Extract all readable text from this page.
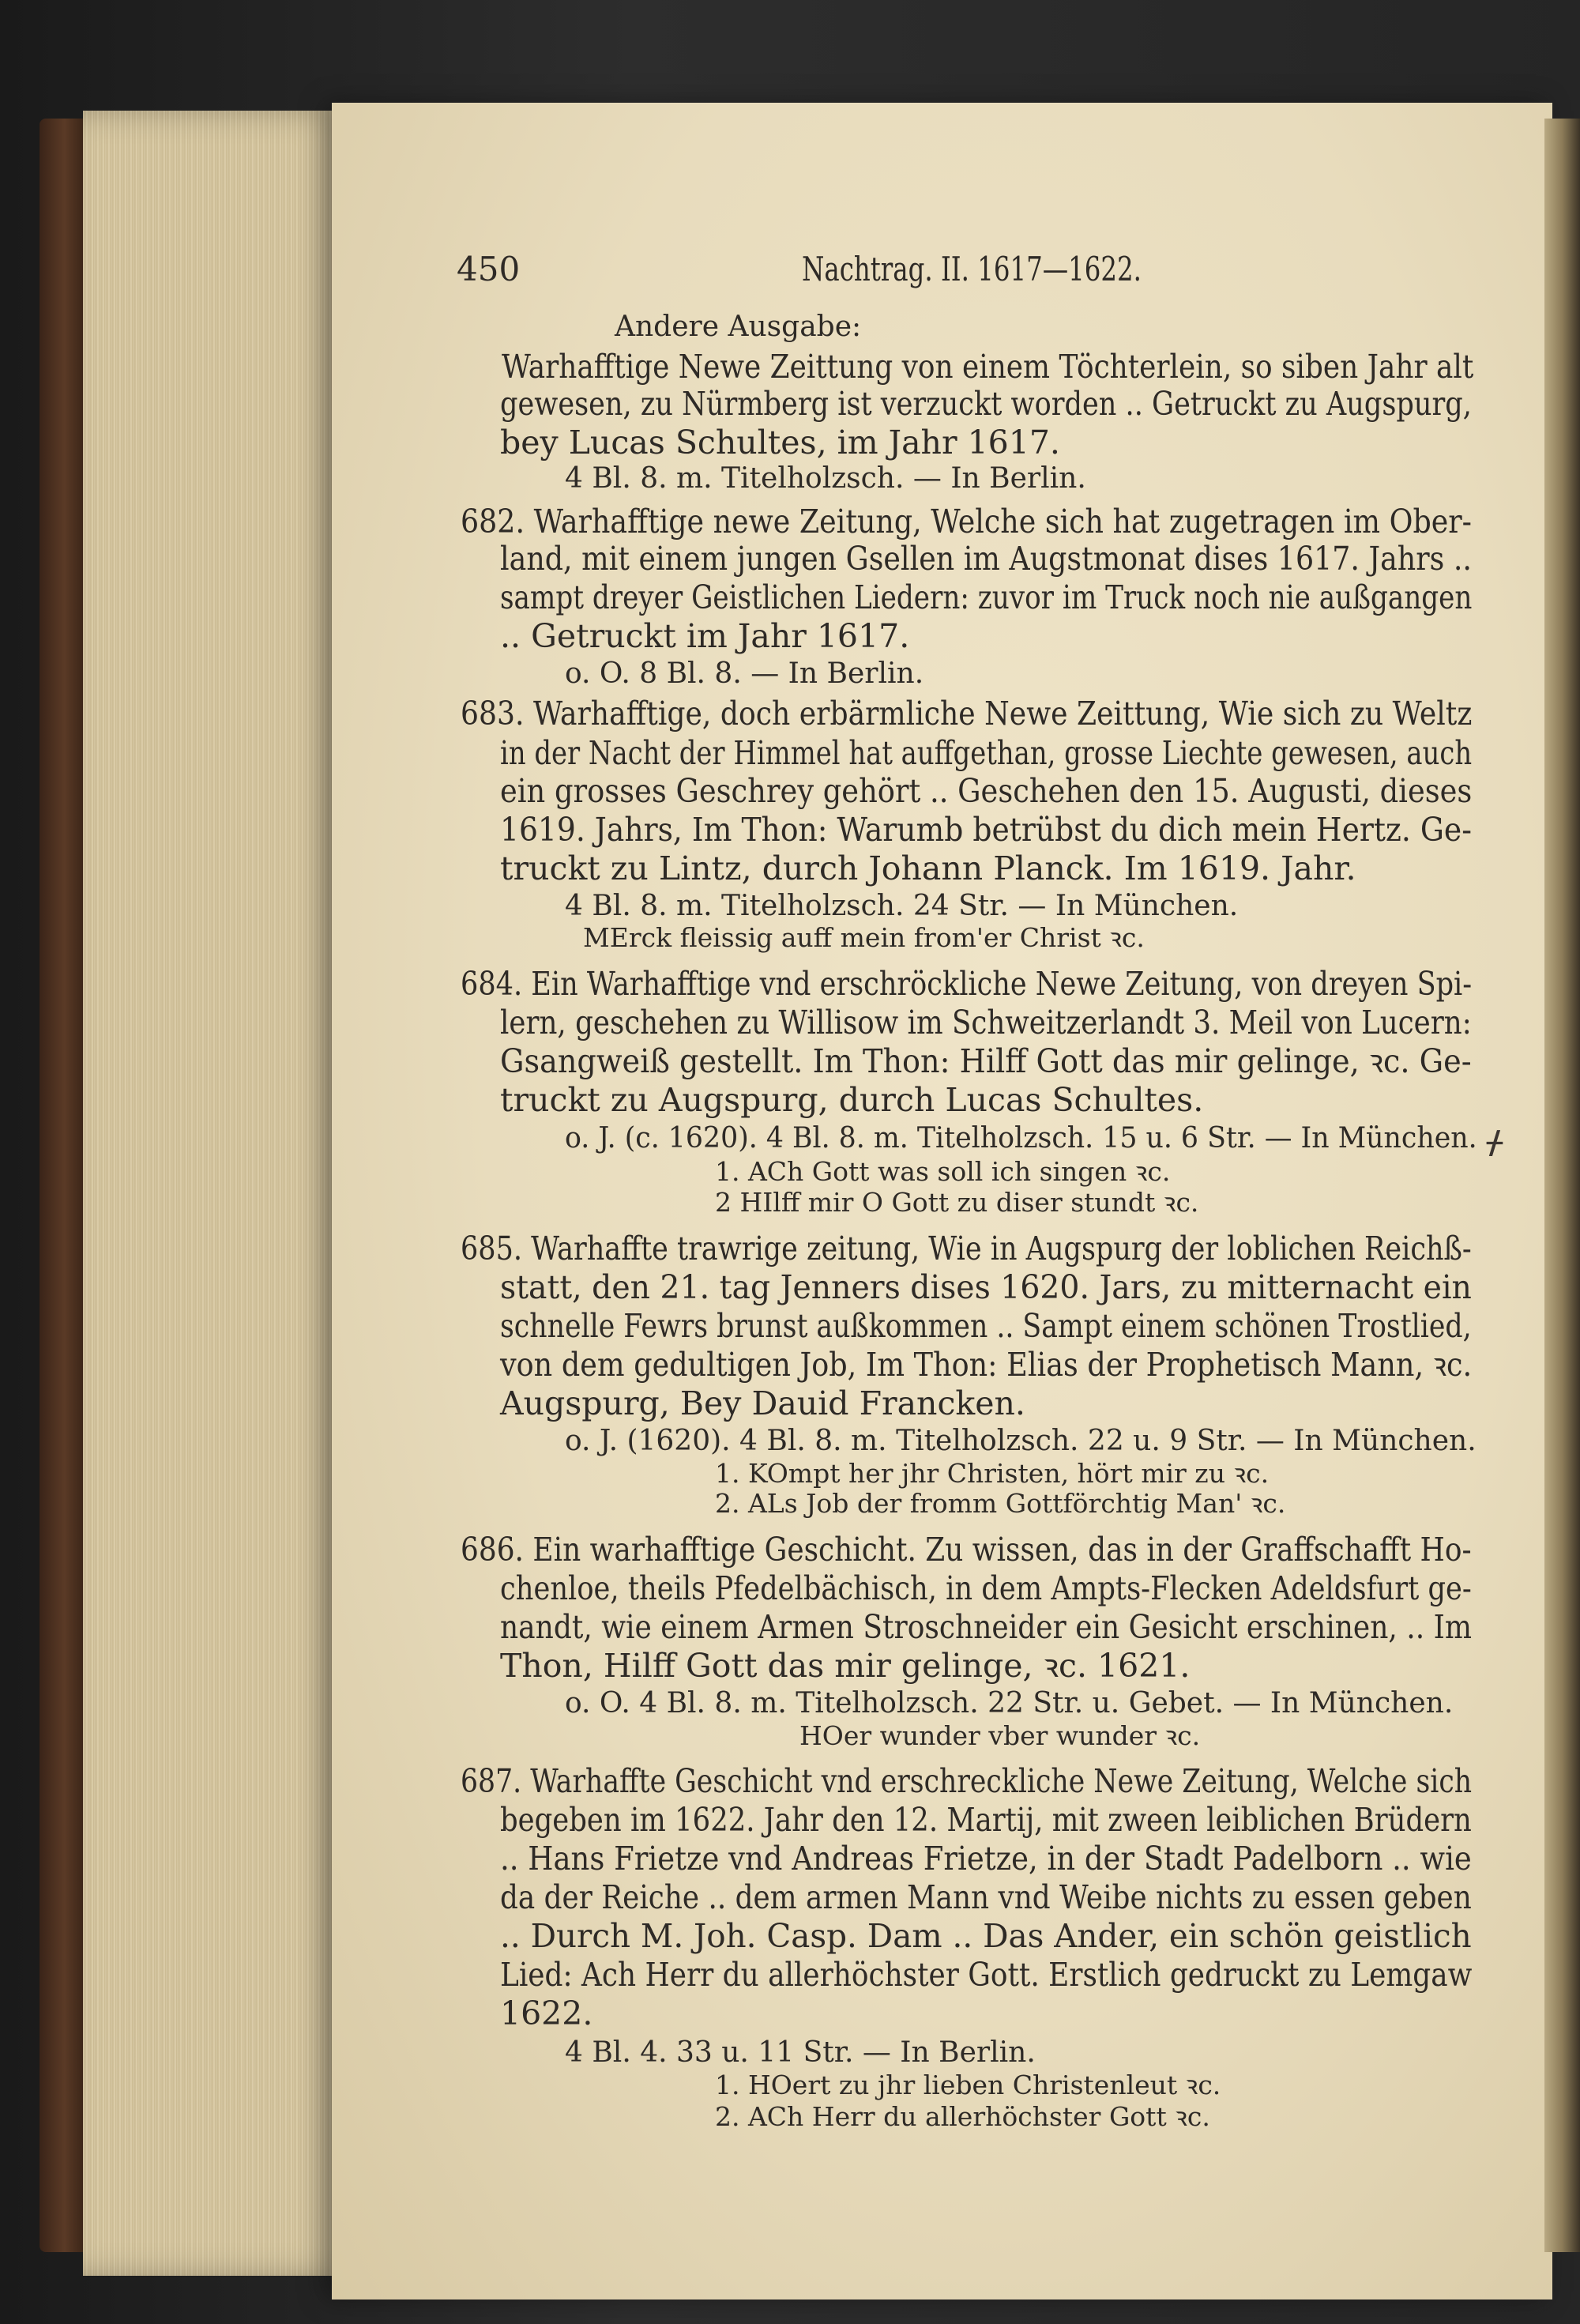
ᚋ
450	Nachtrag. II. 1617—1622.
Andere Ausgabe:
Warhafftige Newe Zeittung von einem Töchterlein, so siben Jahr alt
gewesen, zu Nürmberg ist verzuckt worden .. Getruckt zu Augspurg,
bey Lucas Schultes, im Jahr 1617.
4 Bl. 8. m. Titelholzsch. — In Berlin.
682. Warhafftige newe Zeitung, Welche sich hat zugetragen im Ober-
land, mit einem jungen Gsellen im Augstmonat dises 1617. Jahrs ..
sampt dreyer Geistlichen Liedern: zuvor im Truck noch nie außgangen
.. Getruckt im Jahr 1617.
o. O. 8 Bl. 8. — In Berlin.
683. Warhafftige, doch erbärmliche Newe Zeittung, Wie sich zu Weltz
in der Nacht der Himmel hat auffgethan, grosse Liechte gewesen, auch
ein grosses Geschrey gehört .. Geschehen den 15. Augusti, dieses
1619. Jahrs, Im Thon: Warumb betrübst du dich mein Hertz. Ge-
truckt zu Lintz, durch Johann Planck. Im 1619. Jahr.
4 Bl. 8. m. Titelholzsch. 24 Str. — In München.
MErck fleissig auff mein from'er Christ ꝛc.
684. Ein Warhafftige vnd erschröckliche Newe Zeitung, von dreyen Spi-
lern, geschehen zu Willisow im Schweitzerlandt 3. Meil von Lucern:
Gsangweiß gestellt. Im Thon: Hilff Gott das mir gelinge, ꝛc. Ge-
truckt zu Augspurg, durch Lucas Schultes.
o. J. (c. 1620). 4 Bl. 8. m. Titelholzsch. 15 u. 6 Str. — In München.
1. ACh Gott was soll ich singen ꝛc.
2 HIlff mir O Gott zu diser stundt ꝛc.
685. Warhaffte trawrige zeitung, Wie in Augspurg der loblichen Reichß-
statt, den 21. tag Jenners dises 1620. Jars, zu mitternacht ein
schnelle Fewrs brunst außkommen .. Sampt einem schönen Trostlied,
von dem gedultigen Job, Im Thon: Elias der Prophetisch Mann, ꝛc.
Augspurg, Bey Dauid Francken.
o. J. (1620). 4 Bl. 8. m. Titelholzsch. 22 u. 9 Str. — In München.
1. KOmpt her jhr Christen, hört mir zu ꝛc.
2. ALs Job der fromm Gottförchtig Man' ꝛc.
686. Ein warhafftige Geschicht. Zu wissen, das in der Graffschafft Ho-
chenloe, theils Pfedelbächisch, in dem Ampts-Flecken Adeldsfurt ge-
nandt, wie einem Armen Stroschneider ein Gesicht erschinen, .. Im
Thon, Hilff Gott das mir gelinge, ꝛc. 1621.
o. O. 4 Bl. 8. m. Titelholzsch. 22 Str. u. Gebet. — In München.
HOer wunder vber wunder ꝛc.
687. Warhaffte Geschicht vnd erschreckliche Newe Zeitung, Welche sich
begeben im 1622. Jahr den 12. Martij, mit zween leiblichen Brüdern
.. Hans Frietze vnd Andreas Frietze, in der Stadt Padelborn .. wie
da der Reiche .. dem armen Mann vnd Weibe nichts zu essen geben
.. Durch M. Joh. Casp. Dam .. Das Ander, ein schön geistlich
Lied: Ach Herr du allerhöchster Gott. Erstlich gedruckt zu Lemgaw
1622.
4 Bl. 4. 33 u. 11 Str. — In Berlin.
1. HOert zu jhr lieben Christenleut ꝛc.
2. ACh Herr du allerhöchster Gott ꝛc.
